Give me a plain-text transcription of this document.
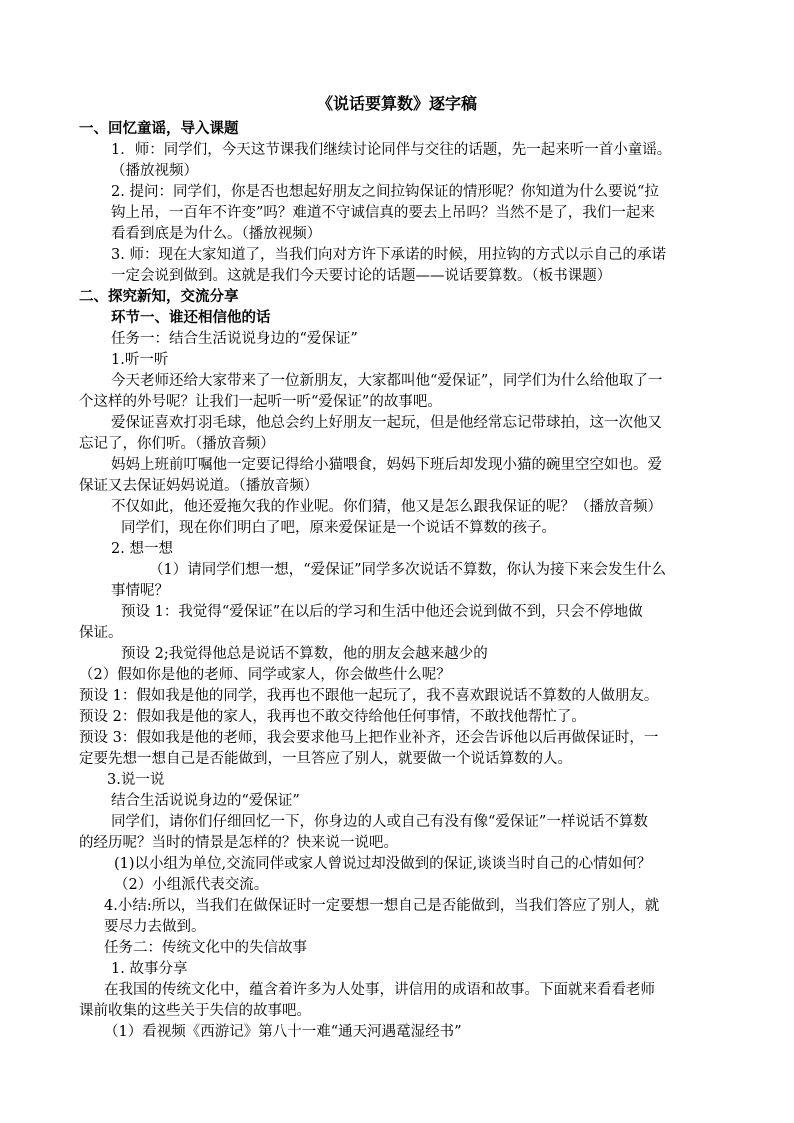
《说话要算数》逐字稿
一、回忆童谣，导入课题
1．师：同学们，今天这节课我们继续讨论同伴与交往的话题，先一起来听一首小童谣。
（播放视频）
2. 提问：同学们，你是否也想起好朋友之间拉钩保证的情形呢？你知道为什么要说“拉
钩上吊，一百年不许变”吗？难道不守诚信真的要去上吊吗？当然不是了，我们一起来
看看到底是为什么。（播放视频）
3. 师：现在大家知道了，当我们向对方许下承诺的时候，用拉钩的方式以示自己的承诺
一定会说到做到。这就是我们今天要讨论的话题——说话要算数。（板书课题）
二、探究新知，交流分享
环节一、谁还相信他的话
任务一：结合生活说说身边的“爱保证”
1.听一听
今天老师还给大家带来了一位新朋友，大家都叫他“爱保证”，同学们为什么给他取了一
个这样的外号呢？让我们一起听一听“爱保证”的故事吧。
爱保证喜欢打羽毛球，他总会约上好朋友一起玩，但是他经常忘记带球拍，这一次他又
忘记了，你们听。（播放音频）
妈妈上班前叮嘱他一定要记得给小猫喂食，妈妈下班后却发现小猫的碗里空空如也。爱
保证又去保证妈妈说道。（播放音频）
不仅如此，他还爱拖欠我的作业呢。你们猜，他又是怎么跟我保证的呢？（播放音频）
同学们，现在你们明白了吧，原来爱保证是一个说话不算数的孩子。
2. 想一想
（1）请同学们想一想，“爱保证”同学多次说话不算数，你认为接下来会发生什么
事情呢？
预设 1：我觉得“爱保证”在以后的学习和生活中他还会说到做不到，只会不停地做
保证。
预设 2;我觉得他总是说话不算数，他的朋友会越来越少的
（2）假如你是他的老师、同学或家人，你会做些什么呢？
预设 1：假如我是他的同学，我再也不跟他一起玩了，我不喜欢跟说话不算数的人做朋友。
预设 2：假如我是他的家人，我再也不敢交待给他任何事情，不敢找他帮忙了。
预设 3：假如我是他的老师，我会要求他马上把作业补齐，还会告诉他以后再做保证时，一
定要先想一想自己是否能做到，一旦答应了别人，就要做一个说话算数的人。
3.说一说
结合生活说说身边的“爱保证”
同学们，请你们仔细回忆一下，你身边的人或自己有没有像“爱保证”一样说话不算数
的经历呢？当时的情景是怎样的？快来说一说吧。
(1)以小组为单位,交流同伴或家人曾说过却没做到的保证,谈谈当时自己的心情如何？
（2）小组派代表交流。
4.小结:所以，当我们在做保证时一定要想一想自己是否能做到，当我们答应了别人，就
要尽力去做到。
任务二：传统文化中的失信故事
1. 故事分享
在我国的传统文化中，蕴含着许多为人处事，讲信用的成语和故事。下面就来看看老师
课前收集的这些关于失信的故事吧。
（1）看视频《西游记》第八十一难“通天河遇鼋湿经书”
